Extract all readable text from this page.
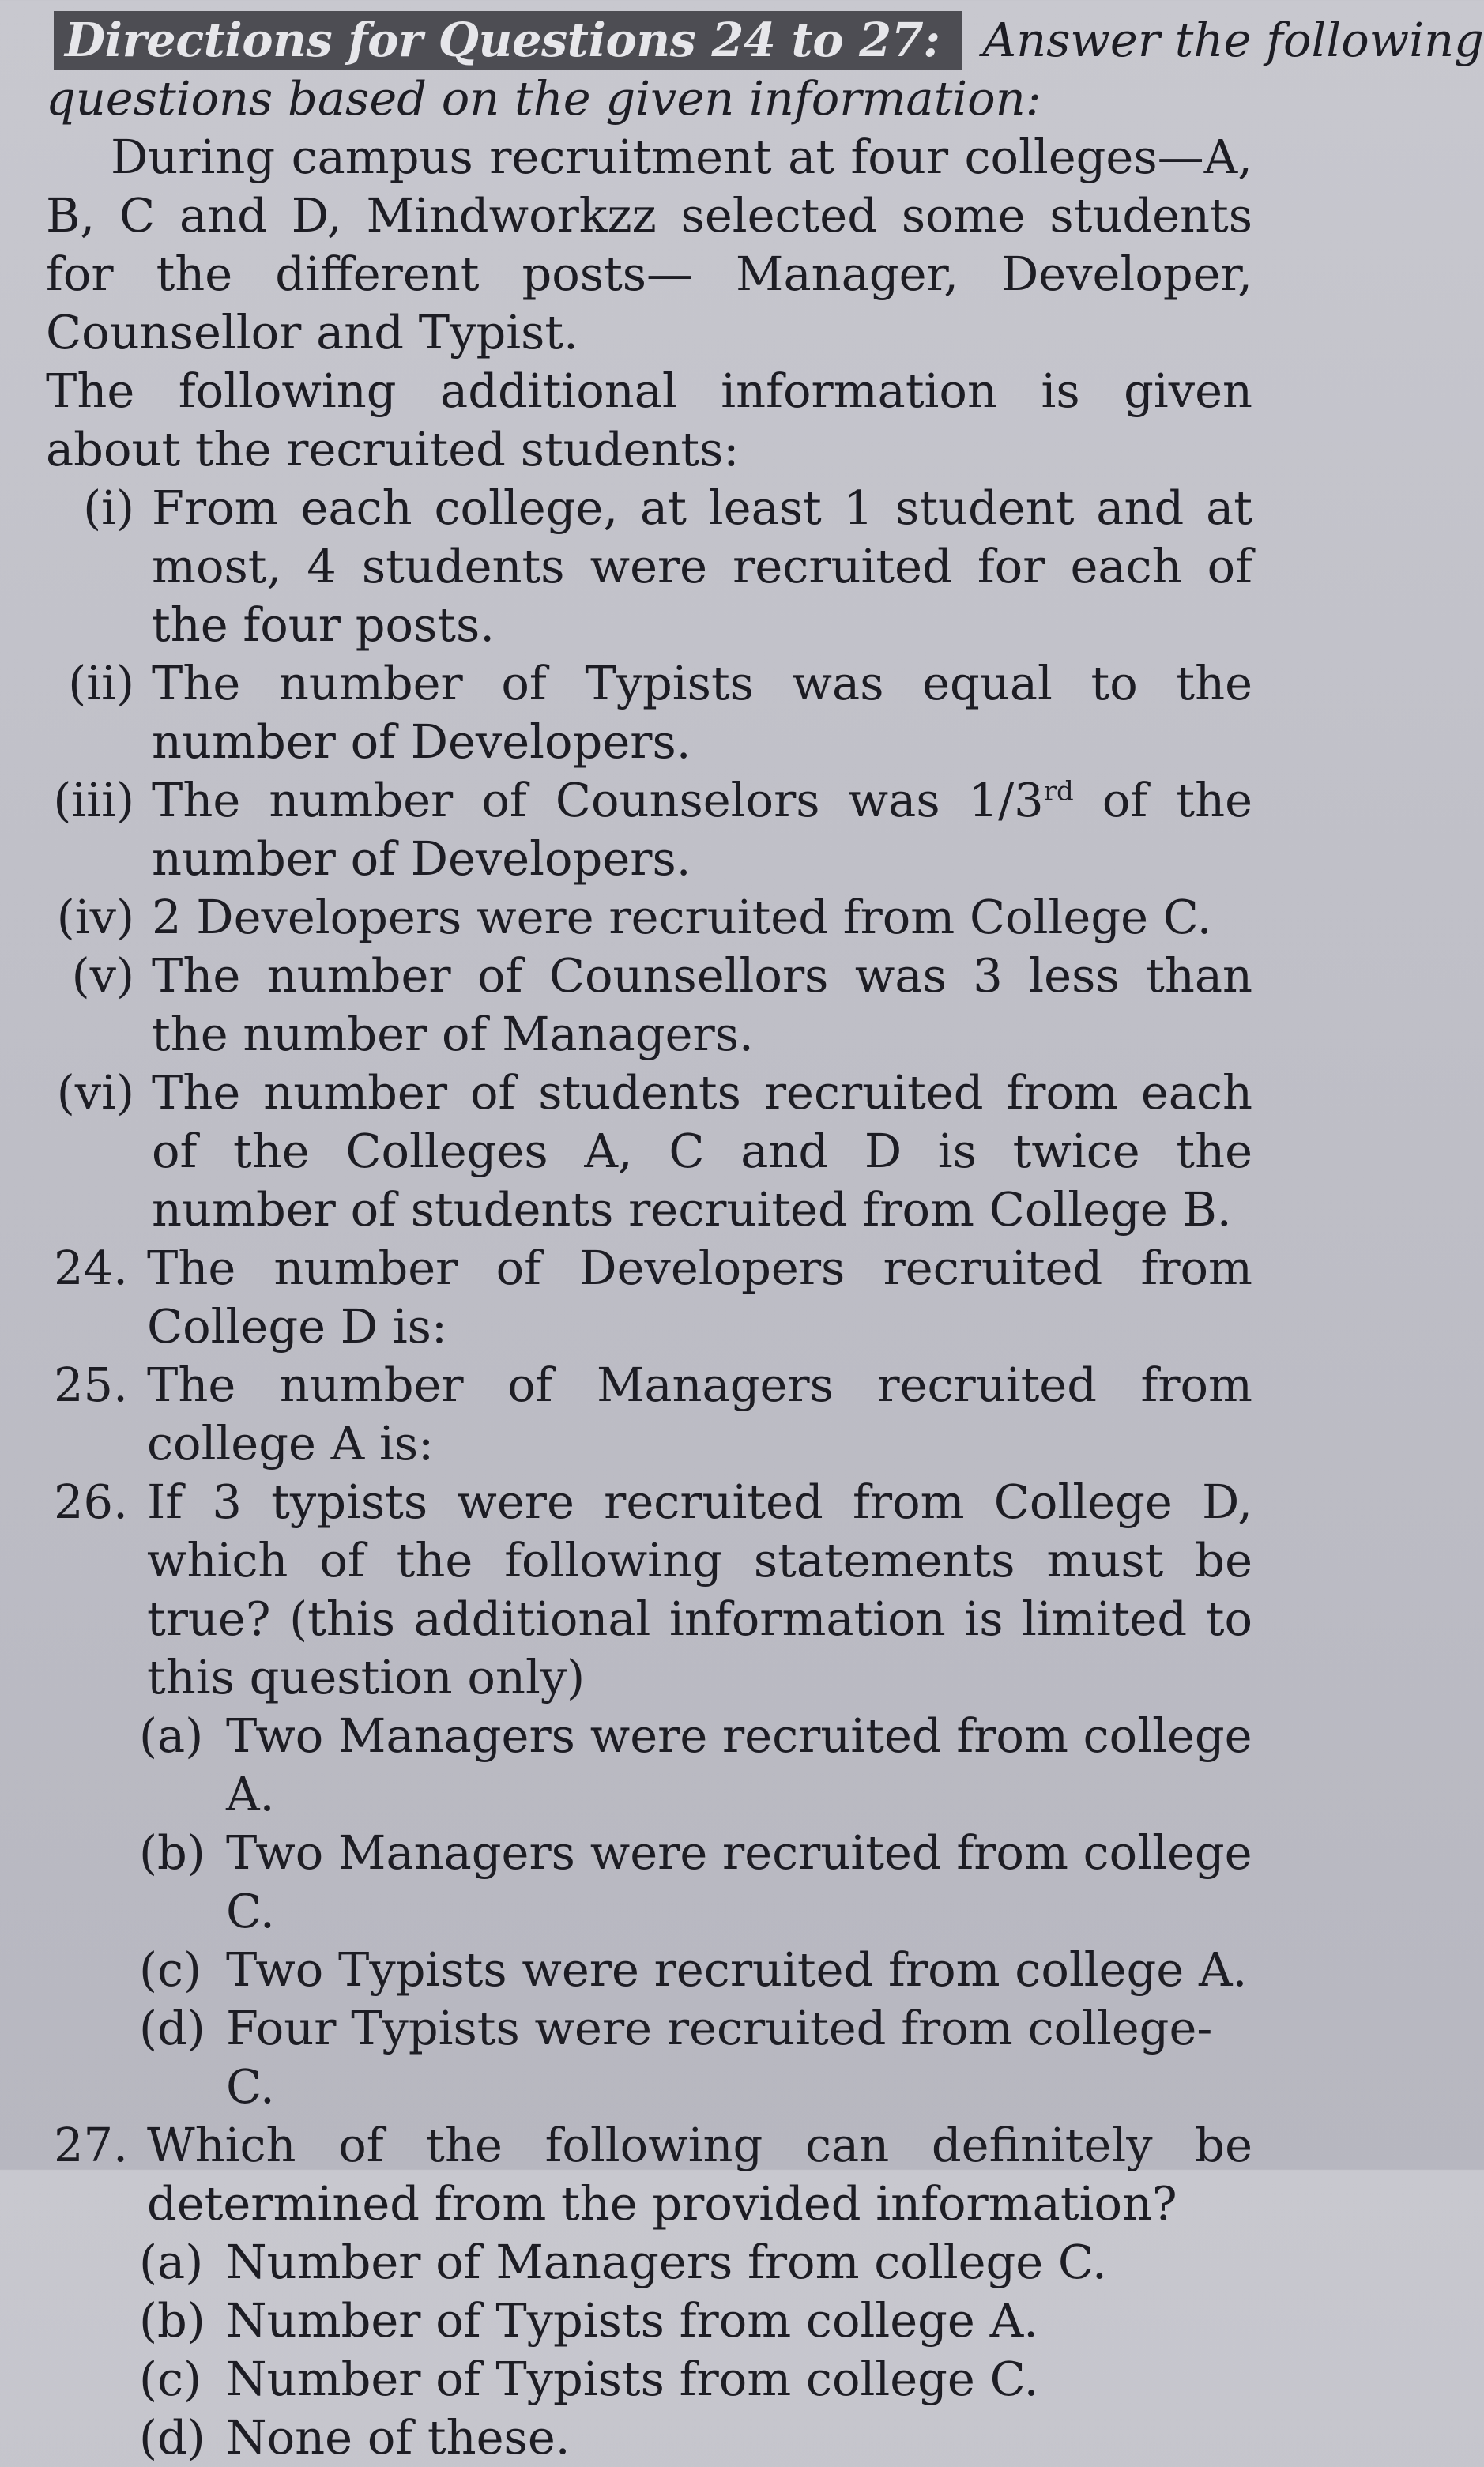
Directions for Questions 24 to 27: Answer the following
questions based on the given information:

During campus recruitment at four colleges—A, B, C and D, Mindworkzz selected some students for the different posts— Manager, Developer, Counsellor and Typist.

The following additional information is given about the recruited students:

(i) From each college, at least 1 student and at most, 4 students were recruited for each of the four posts.
(ii) The number of Typists was equal to the number of Developers.
(iii) The number of Counselors was 1/3rd of the number of Developers.
(iv) 2 Developers were recruited from College C.
(v) The number of Counsellors was 3 less than the number of Managers.
(vi) The number of students recruited from each of the Colleges A, C and D is twice the number of students recruited from College B.
24. The number of Developers recruited from College D is:
25. The number of Managers recruited from college A is:
26. If 3 typists were recruited from College D, which of the following statements must be true? (this additional information is limited to this question only)
(a) Two Managers were recruited from college A.
(b) Two Managers were recruited from college C.
(c) Two Typists were recruited from college A.
(d) Four Typists were recruited from college- C.
27. Which of the following can definitely be determined from the provided information?
(a) Number of Managers from college C.
(b) Number of Typists from college A.
(c) Number of Typists from college C.
(d) None of these.
